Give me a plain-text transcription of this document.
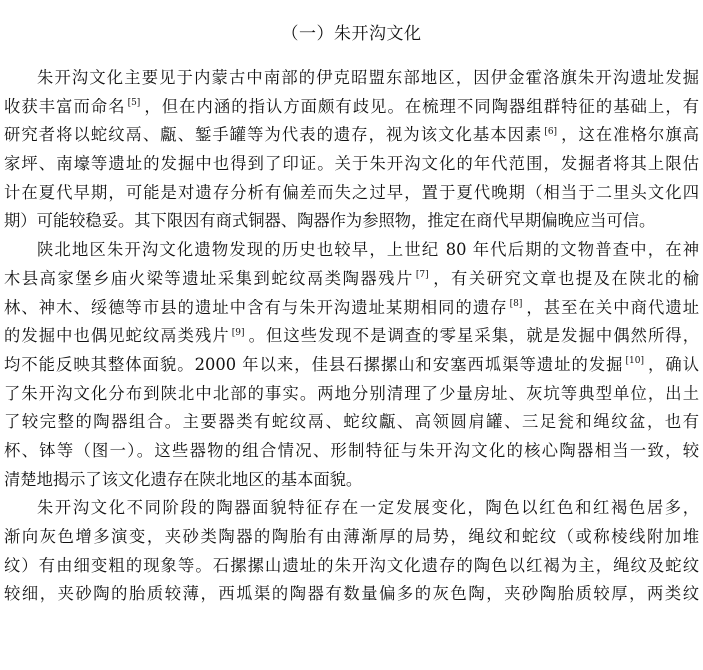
（一）朱开沟文化

朱开沟文化主要见于内蒙古中南部的伊克昭盟东部地区，因伊金霍洛旗朱开沟遗址发掘
收获丰富而命名 [5] ，但在内涵的指认方面颇有歧见。在梳理不同陶器组群特征的基础上，有
研究者将以蛇纹鬲、甗、錾手罐等为代表的遗存，视为该文化基本因素 [6] ，这在准格尔旗高
家坪、南壕等遗址的发掘中也得到了印证。关于朱开沟文化的年代范围，发掘者将其上限估
计在夏代早期，可能是对遗存分析有偏差而失之过早，置于夏代晚期（相当于二里头文化四
期）可能较稳妥。其下限因有商式铜器、陶器作为参照物，推定在商代早期偏晚应当可信。

陕北地区朱开沟文化遗物发现的历史也较早，上世纪 80 年代后期的文物普查中，在神
木县高家堡乡庙火梁等遗址采集到蛇纹鬲类陶器残片 [7] ，有关研究文章也提及在陕北的榆
林、神木、绥德等市县的遗址中含有与朱开沟遗址某期相同的遗存 [8] ，甚至在关中商代遗址
的发掘中也偶见蛇纹鬲类残片 [9] 。但这些发现不是调查的零星采集，就是发掘中偶然所得，
均不能反映其整体面貌。2000 年以来，佳县石摞摞山和安塞西坬渠等遗址的发掘 [10] ，确认
了朱开沟文化分布到陕北中北部的事实。两地分别清理了少量房址、灰坑等典型单位，出土
了较完整的陶器组合。主要器类有蛇纹鬲、蛇纹甗、高领圆肩罐、三足瓮和绳纹盆，也有
杯、钵等（图一）。这些器物的组合情况、形制特征与朱开沟文化的核心陶器相当一致，较
清楚地揭示了该文化遗存在陕北地区的基本面貌。

朱开沟文化不同阶段的陶器面貌特征存在一定发展变化，陶色以红色和红褐色居多，
渐向灰色增多演变，夹砂类陶器的陶胎有由薄渐厚的局势，绳纹和蛇纹（或称棱线附加堆
纹）有由细变粗的现象等。石摞摞山遗址的朱开沟文化遗存的陶色以红褐为主，绳纹及蛇纹
较细，夹砂陶的胎质较薄，西坬渠的陶器有数量偏多的灰色陶，夹砂陶胎质较厚，两类纹
